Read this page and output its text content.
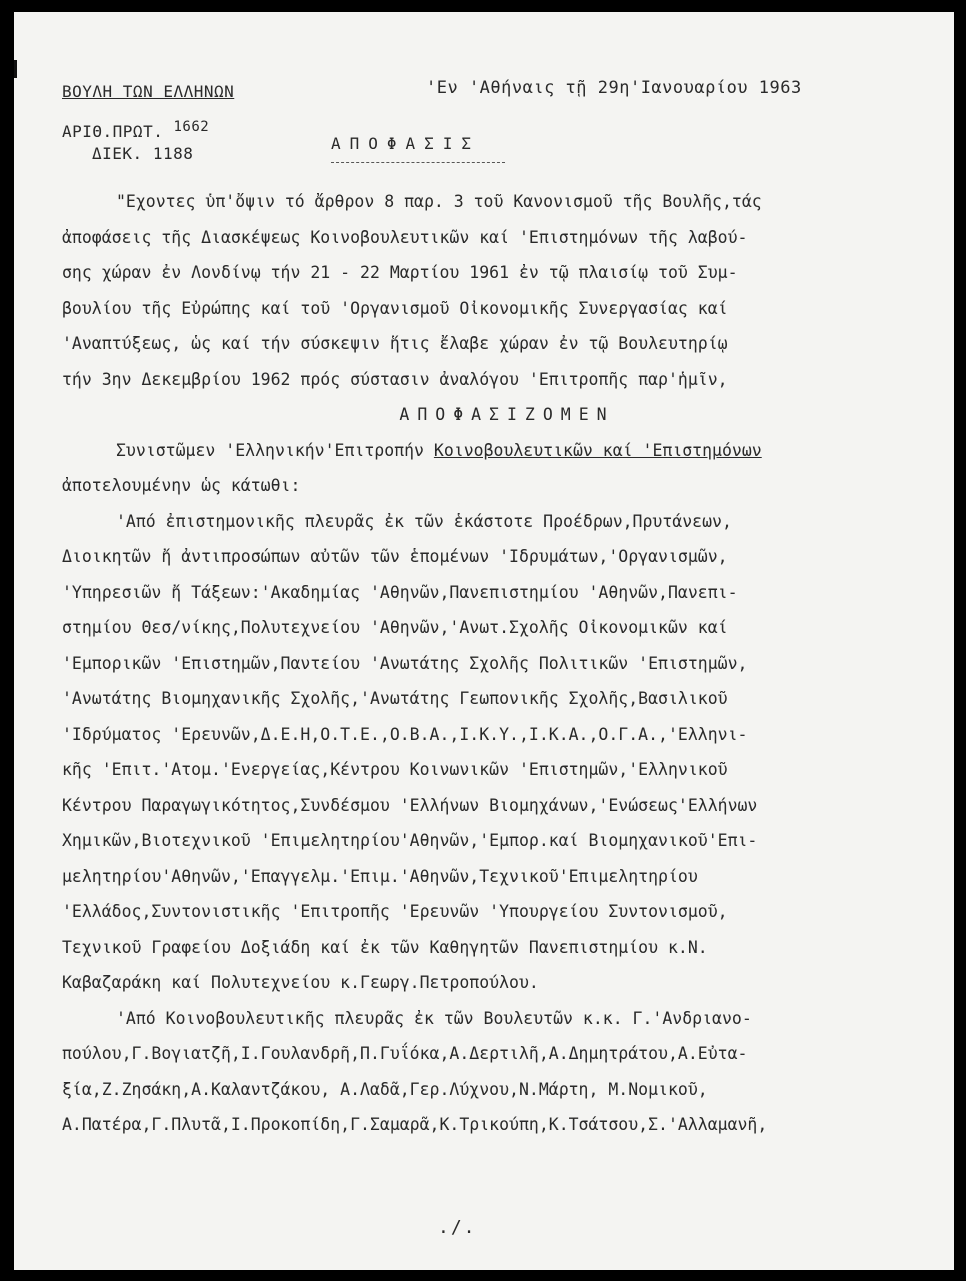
ΒΟΥΛΗ ΤΩΝ ΕΛΛΗΝΩΝ	'Εν 'Αθήναις τῇ 29η'Ιανουαρίου 1963
ΑΡΙΘ.ΠΡΩΤ. 1662
ΔΙΕΚ. 1188
ΑΠΟΦΑΣΙΣ

"Εχοντες ὑπ'ὄψιν τό ἄρθρον 8 παρ. 3 τοῦ Κανονισμοῦ τῆς Βουλῆς,τάς

ἀποφάσεις τῆς Διασκέψεως Κοινοβουλευτικῶν καί 'Επιστημόνων τῆς λαβού-

σης χώραν ἐν Λονδίνῳ τήν 21 - 22 Μαρτίου 1961 ἐν τῷ πλαισίῳ τοῦ Συμ-

βουλίου τῆς Εὐρώπης καί τοῦ 'Οργανισμοῦ Οἰκονομικῆς Συνεργασίας καί

'Αναπτύξεως, ὡς καί τήν σύσκεψιν ἥτις ἔλαβε χώραν ἐν τῷ Βουλευτηρίῳ

τήν 3ην Δεκεμβρίου 1962 πρός σύστασιν ἀναλόγου 'Επιτροπῆς παρ'ἡμῖν,

ΑΠΟΦΑΣΙΖΟΜΕΝ

Συνιστῶμεν 'Ελληνικήν'Επιτροπήν Κοινοβουλευτικῶν καί 'Επιστημόνων

ἀποτελουμένην ὡς κάτωθι:

'Από ἐπιστημονικῆς πλευρᾶς ἐκ τῶν ἑκάστοτε Προέδρων,Πρυτάνεων,

Διοικητῶν ἤ ἀντιπροσώπων αὐτῶν τῶν ἑπομένων 'Ιδρυμάτων,'Οργανισμῶν,

'Υπηρεσιῶν ἤ Τάξεων:'Ακαδημίας 'Αθηνῶν,Πανεπιστημίου 'Αθηνῶν,Πανεπι-

στημίου Θεσ/νίκης,Πολυτεχνείου 'Αθηνῶν,'Ανωτ.Σχολῆς Οἰκονομικῶν καί

'Εμπορικῶν 'Επιστημῶν,Παντείου 'Ανωτάτης Σχολῆς Πολιτικῶν 'Επιστημῶν,

'Ανωτάτης Βιομηχανικῆς Σχολῆς,'Ανωτάτης Γεωπονικῆς Σχολῆς,Βασιλικοῦ

'Ιδρύματος 'Ερευνῶν,Δ.Ε.Η,Ο.Τ.Ε.,Ο.Β.Α.,Ι.Κ.Υ.,Ι.Κ.Α.,Ο.Γ.Α.,'Ελληνι-

κῆς 'Επιτ.'Ατομ.'Ενεργείας,Κέντρου Κοινωνικῶν 'Επιστημῶν,'Ελληνικοῦ

Κέντρου Παραγωγικότητος,Συνδέσμου 'Ελλήνων Βιομηχάνων,'Ενώσεως'Ελλήνων

Χημικῶν,Βιοτεχνικοῦ 'Επιμελητηρίου'Αθηνῶν,'Εμπορ.καί Βιομηχανικοῦ'Επι-

μελητηρίου'Αθηνῶν,'Επαγγελμ.'Επιμ.'Αθηνῶν,Τεχνικοῦ'Επιμελητηρίου

'Ελλάδος,Συντονιστικῆς 'Επιτροπῆς 'Ερευνῶν 'Υπουργείου Συντονισμοῦ,

Τεχνικοῦ Γραφείου Δοξιάδη καί ἐκ τῶν Καθηγητῶν Πανεπιστημίου κ.Ν.

Καβαζαράκη καί Πολυτεχνείου κ.Γεωργ.Πετροπούλου.

'Από Κοινοβουλευτικῆς πλευρᾶς ἐκ τῶν Βουλευτῶν κ.κ. Γ.'Ανδριανο-

πούλου,Γ.Βογιατζῆ,Ι.Γουλανδρῆ,Π.Γυΐόκα,Α.Δερτιλῆ,Α.Δημητράτου,Α.Εὐτα-

ξία,Ζ.Ζησάκη,Α.Καλαντζάκου, Α.Λαδᾶ,Γερ.Λύχνου,Ν.Μάρτη, Μ.Νομικοῦ,

Α.Πατέρα,Γ.Πλυτᾶ,Ι.Προκοπίδη,Γ.Σαμαρᾶ,Κ.Τρικούπη,Κ.Τσάτσου,Σ.'Αλλαμανῆ,

./.
